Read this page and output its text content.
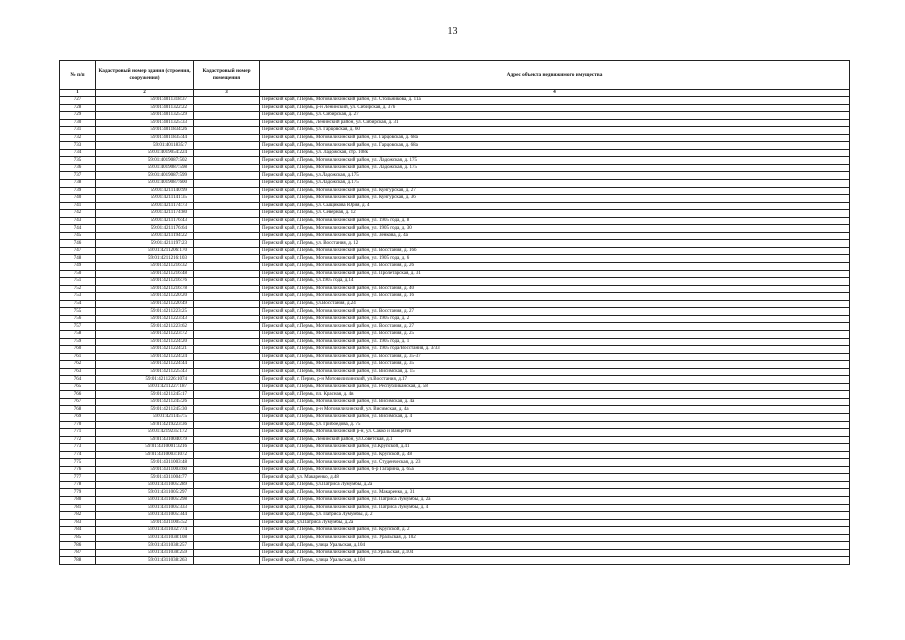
13
№ п/п	Кадастровый номер здания (строения, сооружения)	Кадастровый номер помещения	Адрес объекта недвижимого имущества
1	2	3	4
727	59:01:4011318:37		Пермский край, г.Пермь, Мотовилихинский район, ул. Стольникова, д. 11а
728	59:01:4011322:22		Пермский край, г.Пермь, р-н Ленинский, ул. Сибирская, д. 37б
729	59:01:4011325:29		Пермский край, г.Пермь, ул. Сибирская, д. 27
730	59:01:4011325:33		Пермский край, г.Пермь, Ленинский район, ул. Сибирская, д. 31
731	59:01:4011834:26		Пермский край, г.Пермь, ул. Гарцовская, д. 60
732	59:01:4011835:44		Пермский край, г.Пермь, Мотовилихинский район, ул. Гарцовская, д. 68а
733	59:01:4011835:7		Пермский край, г.Пермь, Мотовилихинский район, ул. Гарцовская, д. 68а
734	59:01:4019054:224		Пермский край, г.Пермь, ул. Ладожская, стр. 108к
735	59:01:4019087:502		Пермский край, г.Пермь, Мотовилихинский район, ул. Ладожская, д. 175
736	59:01:4019087:598		Пермский край, г.Пермь, Мотовилихинский район, ул. Ладожская, д. 175
737	59:01:4019087:599		Пермский край, г.Пермь, ул.Ладожская, д.175
738	59:01:4019087:600		Пермский край, г.Пермь, ул.Ладожская, д.175
739	59:01:4211140:99		Пермский край, г.Пермь, Мотовилихинский район, ул. Кунгурская, д. 27
740	59:01:4211141:35		Пермский край, г.Пермь, Мотовилихинский район, ул. Кунгурская, д. 36
741	59:01:4211174:73		Пермский край, г.Пермь, ул. Сыщикова Юрия, д. 4
742	59:01:4211174:80		Пермский край, г.Пермь, ул. Северная, д. 12
743	59:01:4211176:43		Пермский край, г.Пермь, Мотовилихинский район, ул. 1905 года, д. 8
744	59:01:4211176:64		Пермский край, г.Пермь, Мотовилихинский район, ул. 1905 года, д. 30
745	59:01:4211194:22		Пермский край, г.Пермь, Мотовилихинский район, ул. Зенкова, д. 4а
746	59:01:4211197:23		Пермский край, г.Пермь, ул. Восстания, д. 12
747	59:01:4211206:170		Пермский край, г.Пермь, Мотовилихинский район, ул. Восстания, д. 16б
748	59:01:4211216:103		Пермский край, г.Пермь, Мотовилихинский район, ул. 1905 года, д. 6
749	59:01:4211216:32		Пермский край, г.Пермь, Мотовилихинский район, ул. Восстания, д. 26
750	59:01:4211216:48		Пермский край, г.Пермь, Мотовилихинский район, ул. Пролетарская, д. 31
751	59:01:4211216:76		Пермский край, г.Пермь, ул.1905 года, д.14
752	59:01:4211216:78		Пермский край, г.Пермь, Мотовилихинский район, ул. Восстания, д. 40
753	59:01:4211220:20		Пермский край, г.Пермь, Мотовилихинский район, ул. Восстания, д. 16
754	59:01:4211220:49		Пермский край, г.Пермь, ул.Восстания, д.24
755	59:01:4211223:25		Пермский край, г.Пермь, Мотовилихинский район, ул. Восстания, д. 27
756	59:01:4211223:43		Пермский край, г.Пермь, Мотовилихинский район, ул. 1905 года, д. 2
757	59:01:4211223:62		Пермский край, г.Пермь, Мотовилихинский район, ул. Восстания, д. 27
758	59:01:4211223:72		Пермский край, г.Пермь, Мотовилихинский район, ул. Восстания, д. 25
759	59:01:4211224:20		Пермский край, г.Пермь, Мотовилихинский район, ул. 1905 года, д. 1
760	59:01:4211224:21		Пермский край, г.Пермь, Мотовилихинский район, ул. 1905 года/Восстания, д. 3/33
761	59:01:4211224:24		Пермский край, г.Пермь, Мотовилихинский район, ул. Восстания, д. 35-37
762	59:01:4211224:44		Пермский край, г.Пермь, Мотовилихинский район, ул. Восстания, д. 35
763	59:01:4211225:43		Пермский край, г.Пермь, Мотовилихинский район, ул. Висимская, д. 15
764	59:01:4211226:1074		Пермский край, г. Пермь, р-н Мотовилихинский, ул.Восстания, д.17
765	59:01:4211227:187		Пермский край, г.Пермь, Мотовилихинский район, ул. Республиканская, д. 58
766	59:01:4211245:17		Пермский край, г.Пермь, пл. Красная, д. 4в
767	59:01:4211245:26		Пермский край, г.Пермь, Мотовилихинский район, ул. Висимская, д. 4а
768	59:01:4211245:30		Пермский край, г.Пермь, р-н Мотовилихинский, ул. Висимская, д. 4а
769	59:01:4211457:5		Пермский край, г.Пермь, Мотовилихинский район, ул. Висимская, д. 4
770	59:01:4219223:36		Пермский край, г.Пермь, ул. Грибоедова, д. 75
771	59:01:4219235:172		Пермский край, г.Пермь, Мотовилихинский р-н, ул. Сакко и Ванцетти
772	59:01:4310040:79		Пермский край, г.Пермь, Ленинский район, ул.Советская, д.1
773	59:01:4310001:3216		Пермский край, г.Пермь, Мотовилихинский район, ул.Крупской, д.41
774	59:01:4310003:1072		Пермский край, г.Пермь, Мотовилихинский район, ул. Крупской, д. 48
775	59:01:4311003:48		Пермский край, г.Пермь, Мотовилихинский район, ул. Студенческая, д. 23
776	59:01:4311003:60		Пермский край, г.Пермь, Мотовилихинский район, б-р Гагарина, д. 65а
777	59:01:4311004:77		Пермский край, ул. Макаренко, д.48
778	59:01:4311005:289		Пермский край, г.Пермь, ул.Патриса Лумумбы, д.2а
779	59:01:4311005:297		Пермский край, г.Пермь, Мотовилихинский район, ул. Макаренко, д. 31
780	59:01:4311005:298		Пермский край, г.Пермь, Мотовилихинский район, ул. Патриса Лумумбы, д. 2а
781	59:01:4311005:333		Пермский край, г.Пермь, Мотовилихинский район, ул. Патриса Лумумбы, д. 4
782	59:01:4311005:344		Пермский край, г.Пермь, ул. Патриса Лумумбы, д. 2
783	59:01:4311005:52		Пермский край, ул.Патриса Лумумбы, д.2а
784	59:01:4311032:774		Пермский край, г.Пермь, Мотовилихинский район, ул. Крупской, д. 2
785	59:01:4311038:108		Пермский край, г.Пермь, Мотовилихинский район, ул. Уральская, д. 102
786	59:01:4311038:257		Пермский край, г.Пермь, улица Уральская, д.104
787	59:01:4311038:259		Пермский край, г.Пермь, Мотовилихинский район, ул.Уральская, д.104
788	59:01:4311038:263		Пермский край, г.Пермь, улица Уральская, д.104
